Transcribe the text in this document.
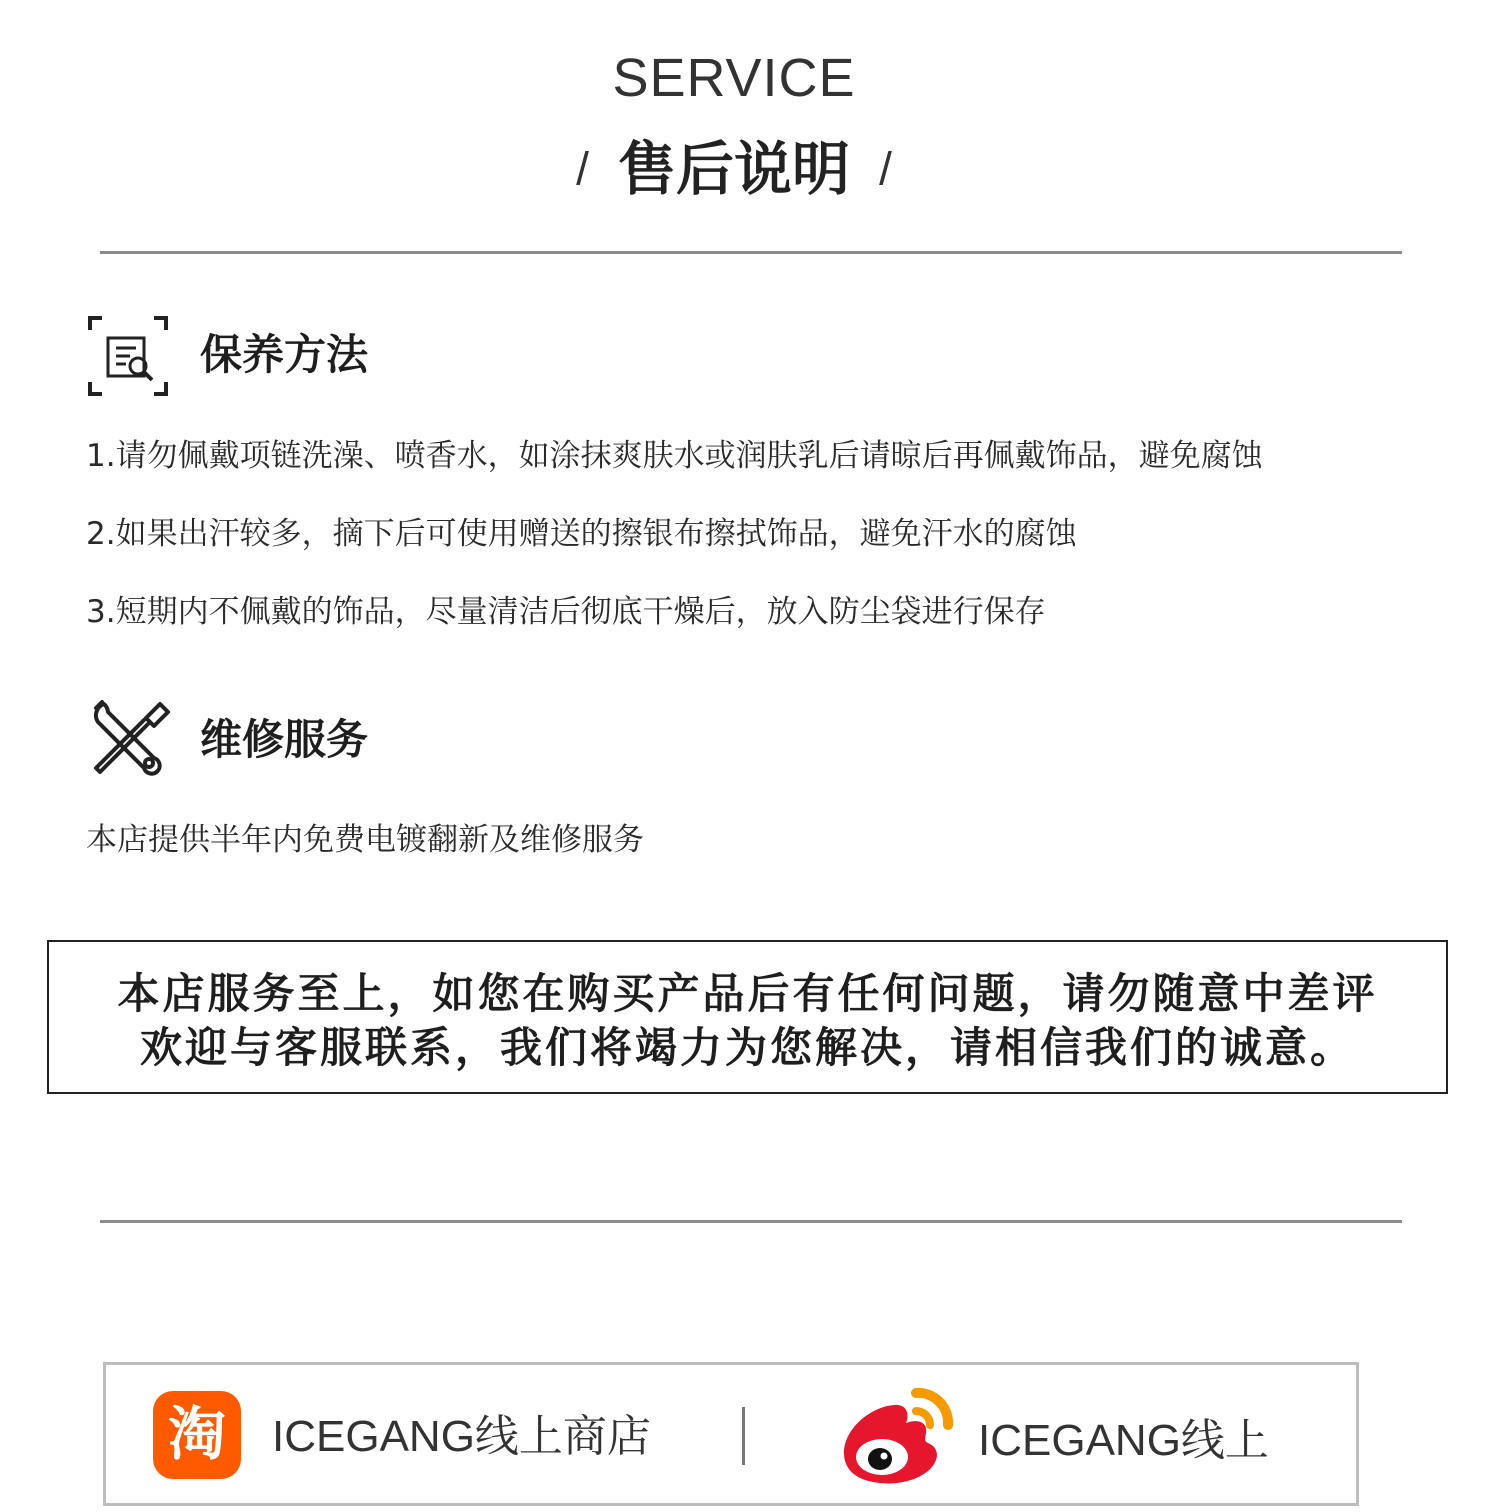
SERVICE
/ 售后说明 /
保养方法
1.请勿佩戴项链洗澡、喷香水，如涂抹爽肤水或润肤乳后请晾后再佩戴饰品，避免腐蚀
2.如果出汗较多，摘下后可使用赠送的擦银布擦拭饰品，避免汗水的腐蚀
3.短期内不佩戴的饰品，尽量清洁后彻底干燥后，放入防尘袋进行保存
维修服务
本店提供半年内免费电镀翻新及维修服务
本店服务至上，如您在购买产品后有任何问题，请勿随意中差评
欢迎与客服联系，我们将竭力为您解决，请相信我们的诚意。
淘	ICEGANG线上商店	ICEGANG线上
